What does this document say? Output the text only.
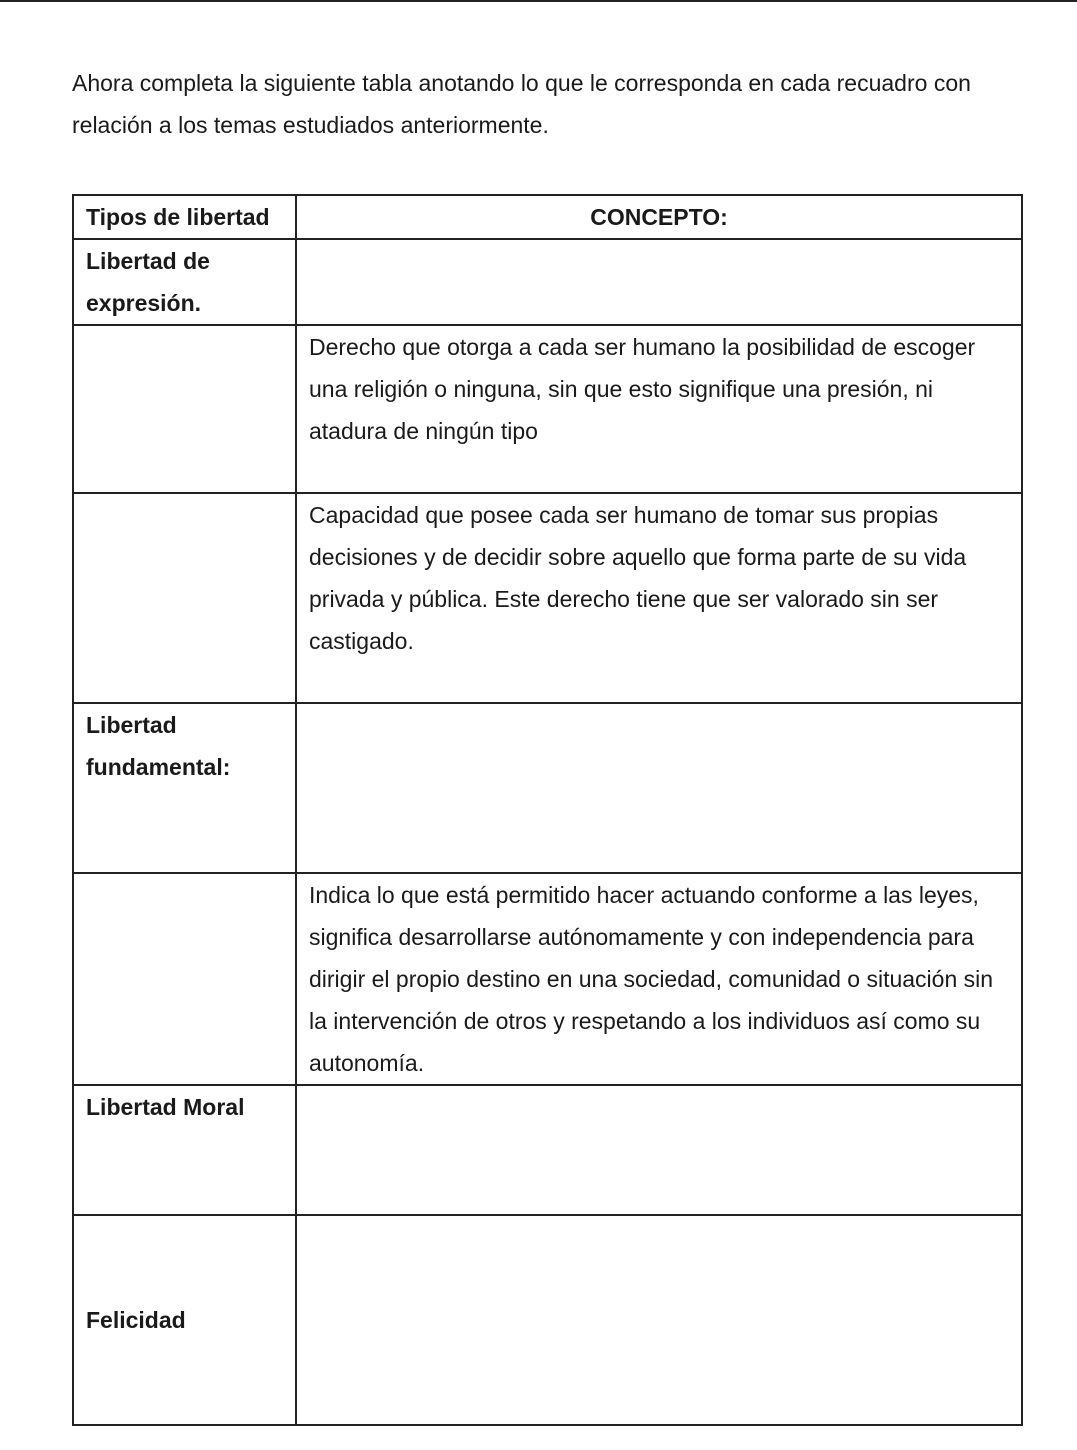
Ahora completa la siguiente tabla anotando lo que le corresponda en cada recuadro con relación a los temas estudiados anteriormente.

Tipos de libertad	CONCEPTO:
Libertad de expresión.	
	Derecho que otorga a cada ser humano la posibilidad de escoger una religión o ninguna, sin que esto signifique una presión, ni atadura de ningún tipo
	Capacidad que posee cada ser humano de tomar sus propias decisiones y de decidir sobre aquello que forma parte de su vida privada y pública. Este derecho tiene que ser valorado sin ser castigado.
Libertad fundamental:	
	Indica lo que está permitido hacer actuando conforme a las leyes, significa desarrollarse autónomamente y con independencia para dirigir el propio destino en una sociedad, comunidad o situación sin la intervención de otros y respetando a los individuos así como su autonomía.
Libertad Moral	
Felicidad	
